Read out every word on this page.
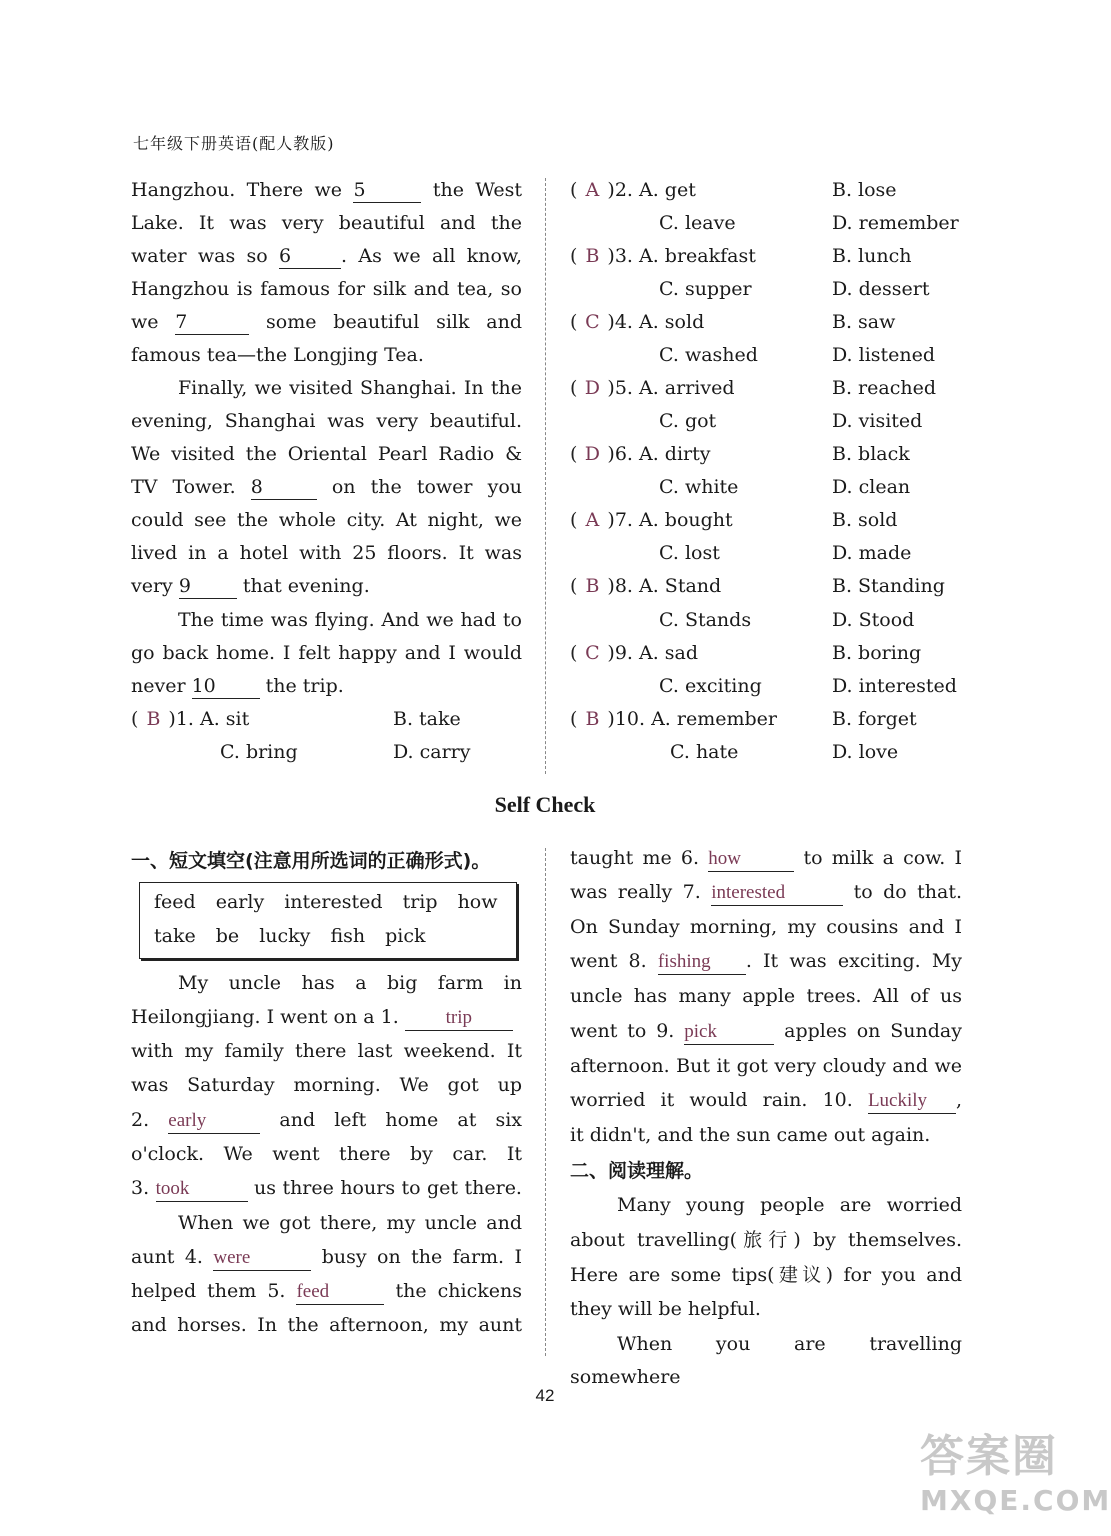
七年级下册英语(配人教版)
Hangzhou. There we 5	the West
Lake. It was very beautiful and the
water was so 6	. As we all know,
Hangzhou is famous for silk and tea, so
we 7	some beautiful silk and
famous tea—the Longjing Tea.
Finally, we visited Shanghai. In the
evening, Shanghai was very beautiful.
We visited the Oriental Pearl Radio &
TV Tower. 8	on the tower you
could see the whole city. At night, we
lived in a hotel with 25 floors. It was
very 9 that evening.
The time was flying. And we had to
go back home. I felt happy and I would
never 10 the trip.
( B )1. A. sit	B. take
C. bring	D. carry
( A )2. A. get	B. lose
C. leave	D. remember
( B )3. A. breakfast	B. lunch
C. supper	D. dessert
( C )4. A. sold	B. saw
C. washed	D. listened
( D )5. A. arrived	B. reached
C. got	D. visited
( D )6. A. dirty	B. black
C. white	D. clean
( A )7. A. bought	B. sold
C. lost	D. made
( B )8. A. Stand	B. Standing
C. Stands	D. Stood
( C )9. A. sad	B. boring
C. exciting	D. interested
( B )10. A. remember	B. forget
C. hate	D. love
Self Check
一、短文填空(注意用所选词的正确形式)。
feed early interested trip how
take be lucky fish pick
My uncle has a big farm in
Heilongjiang. I went on a 1. trip
with my family there last weekend. It
was Saturday morning. We got up
2. early	and left home at six
o'clock. We went there by car. It
3. took	us three hours to get there.
When we got there, my uncle and
aunt 4. were	busy on the farm. I
helped them 5. feed	the chickens
and horses. In the afternoon, my aunt
taught me 6. how	to milk a cow. I
was really 7. interested	to do that.
On Sunday morning, my cousins and I
went 8. fishing . It was exciting. My
uncle has many apple trees. All of us
went to 9. pick	apples on Sunday
afternoon. But it got very cloudy and we
worried it would rain. 10. Luckily ,
it didn't, and the sun came out again.
二、阅读理解。
Many young people are worried
about travelling(旅行) by themselves.
Here are some tips(建议) for you and
they will be helpful.
When you are travelling somewhere
42
答案圈
MXQE.COM
